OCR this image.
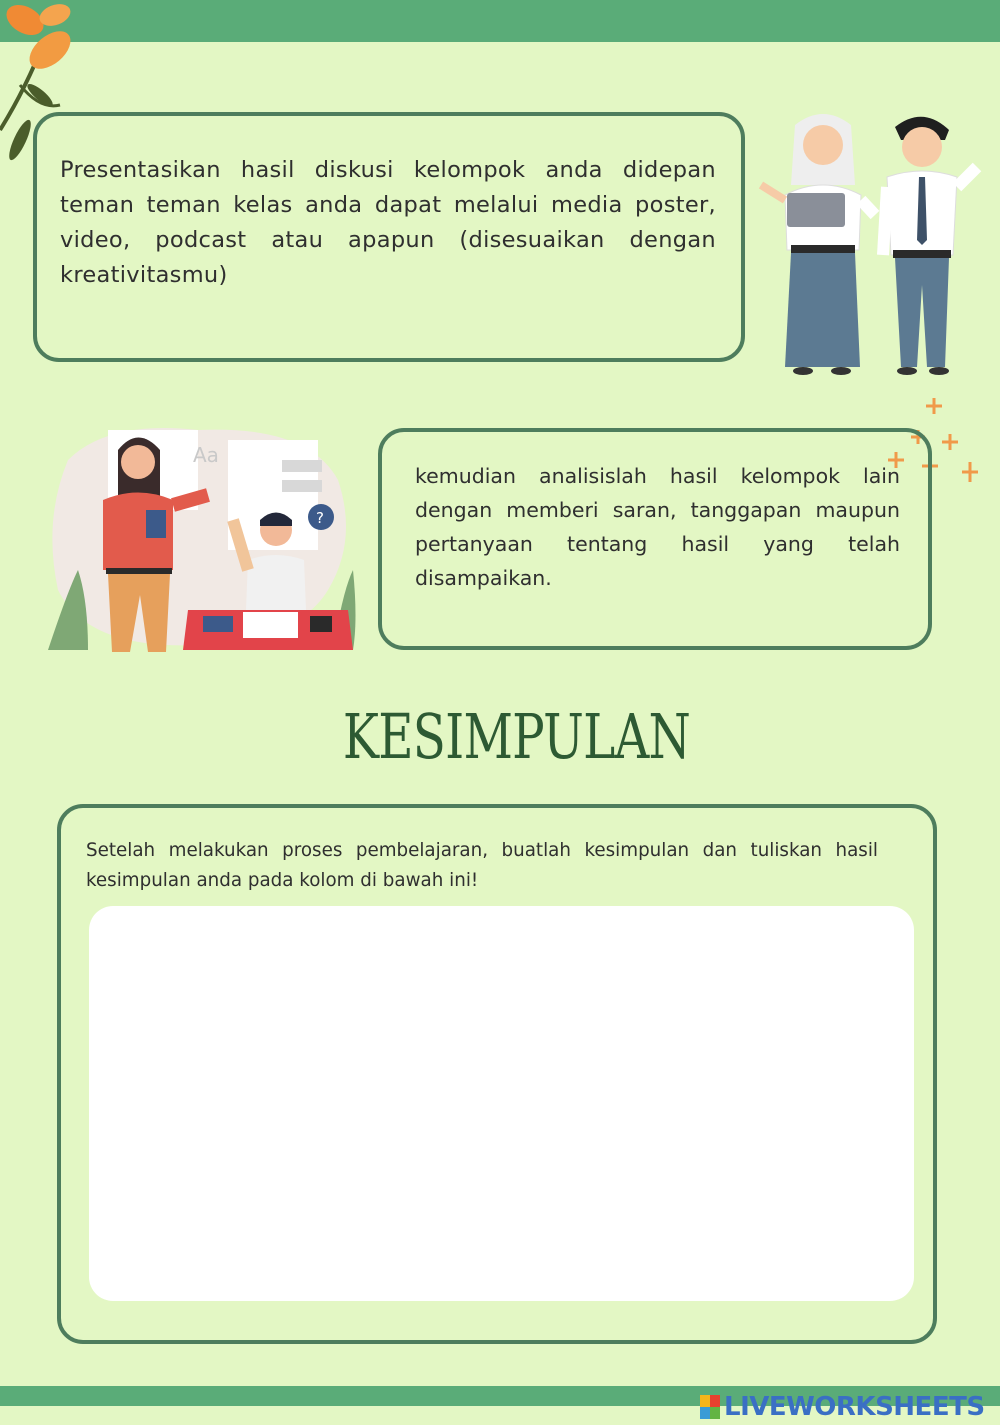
Presentasikan hasil diskusi kelompok anda didepan teman teman kelas anda dapat melalui media poster, video, podcast atau apapun (disesuaikan dengan kreativitasmu)
Aa
?
kemudian analisislah hasil kelompok lain dengan memberi saran, tanggapan maupun pertanyaan tentang hasil yang telah disampaikan.
KESIMPULAN
Setelah melakukan proses pembelajaran, buatlah kesimpulan dan tuliskan hasil kesimpulan anda pada kolom di bawah ini!
LIVEWORKSHEETS
